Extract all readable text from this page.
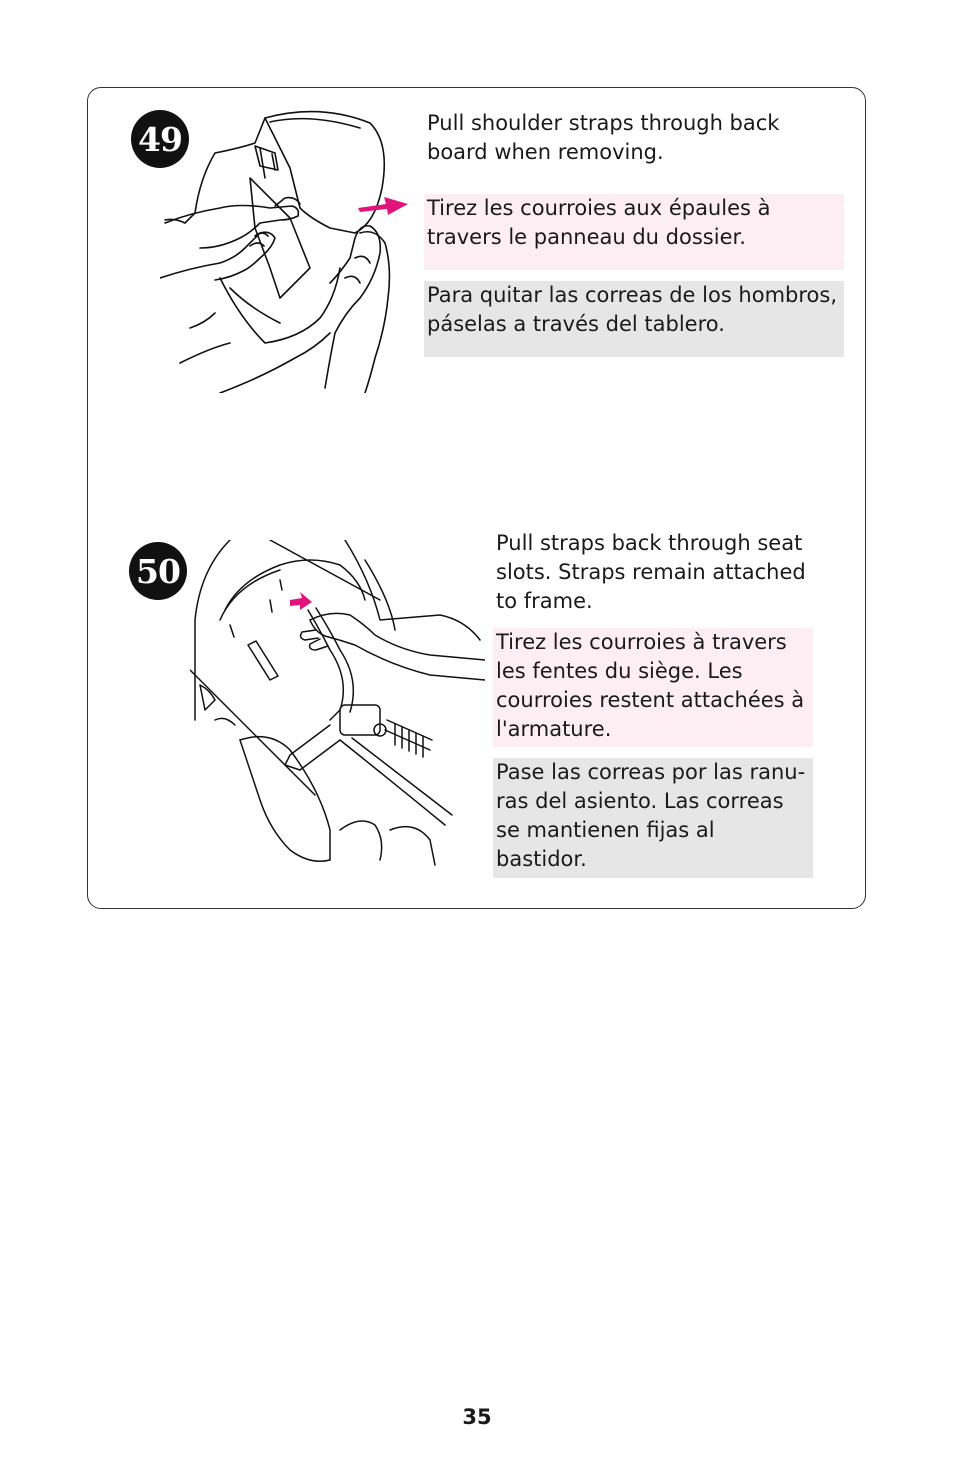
49	Pull shoulder straps through back board when removing.

Tirez les courroies aux épaules à travers le panneau du dossier.

Para quitar las correas de los hombros, páselas a través del tablero.

50

Pull straps back through seat slots. Straps remain attached to frame.

Tirez les courroies à travers les fentes du siège. Les courroies restent attachées à l'armature.

Pase las correas por las ranu- ras del asiento. Las correas se mantienen fijas al bastidor.

35
